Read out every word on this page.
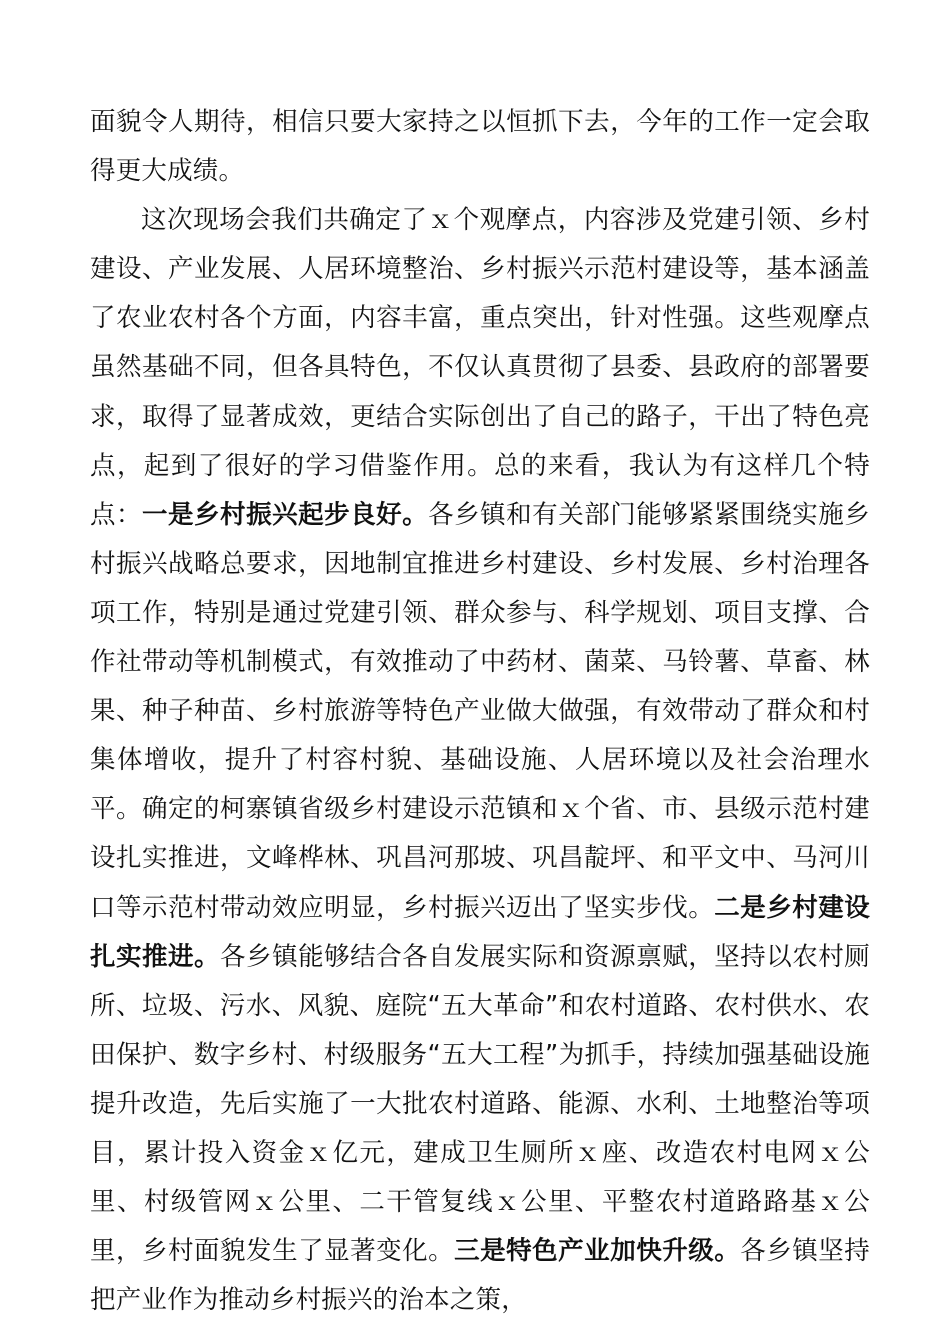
面貌令人期待，相信只要大家持之以恒抓下去，今年的工作一定会取得更大成绩。

这次现场会我们共确定了ｘ个观摩点，内容涉及党建引领、乡村建设、产业发展、人居环境整治、乡村振兴示范村建设等，基本涵盖了农业农村各个方面，内容丰富，重点突出，针对性强。这些观摩点虽然基础不同，但各具特色，不仅认真贯彻了县委、县政府的部署要求，取得了显著成效，更结合实际创出了自己的路子，干出了特色亮点，起到了很好的学习借鉴作用。总的来看，我认为有这样几个特点：一是乡村振兴起步良好。各乡镇和有关部门能够紧紧围绕实施乡村振兴战略总要求，因地制宜推进乡村建设、乡村发展、乡村治理各项工作，特别是通过党建引领、群众参与、科学规划、项目支撑、合作社带动等机制模式，有效推动了中药材、菌菜、马铃薯、草畜、林果、种子种苗、乡村旅游等特色产业做大做强，有效带动了群众和村集体增收，提升了村容村貌、基础设施、人居环境以及社会治理水平。确定的柯寨镇省级乡村建设示范镇和ｘ个省、市、县级示范村建设扎实推进，文峰桦林、巩昌河那坡、巩昌靛坪、和平文中、马河川口等示范村带动效应明显，乡村振兴迈出了坚实步伐。二是乡村建设扎实推进。各乡镇能够结合各自发展实际和资源禀赋，坚持以农村厕所、垃圾、污水、风貌、庭院“五大革命”和农村道路、农村供水、农田保护、数字乡村、村级服务“五大工程”为抓手，持续加强基础设施提升改造，先后实施了一大批农村道路、能源、水利、土地整治等项目，累计投入资金ｘ亿元，建成卫生厕所ｘ座、改造农村电网ｘ公里、村级管网ｘ公里、二干管复线ｘ公里、平整农村道路路基ｘ公里，乡村面貌发生了显著变化。三是特色产业加快升级。各乡镇坚持把产业作为推动乡村振兴的治本之策，
